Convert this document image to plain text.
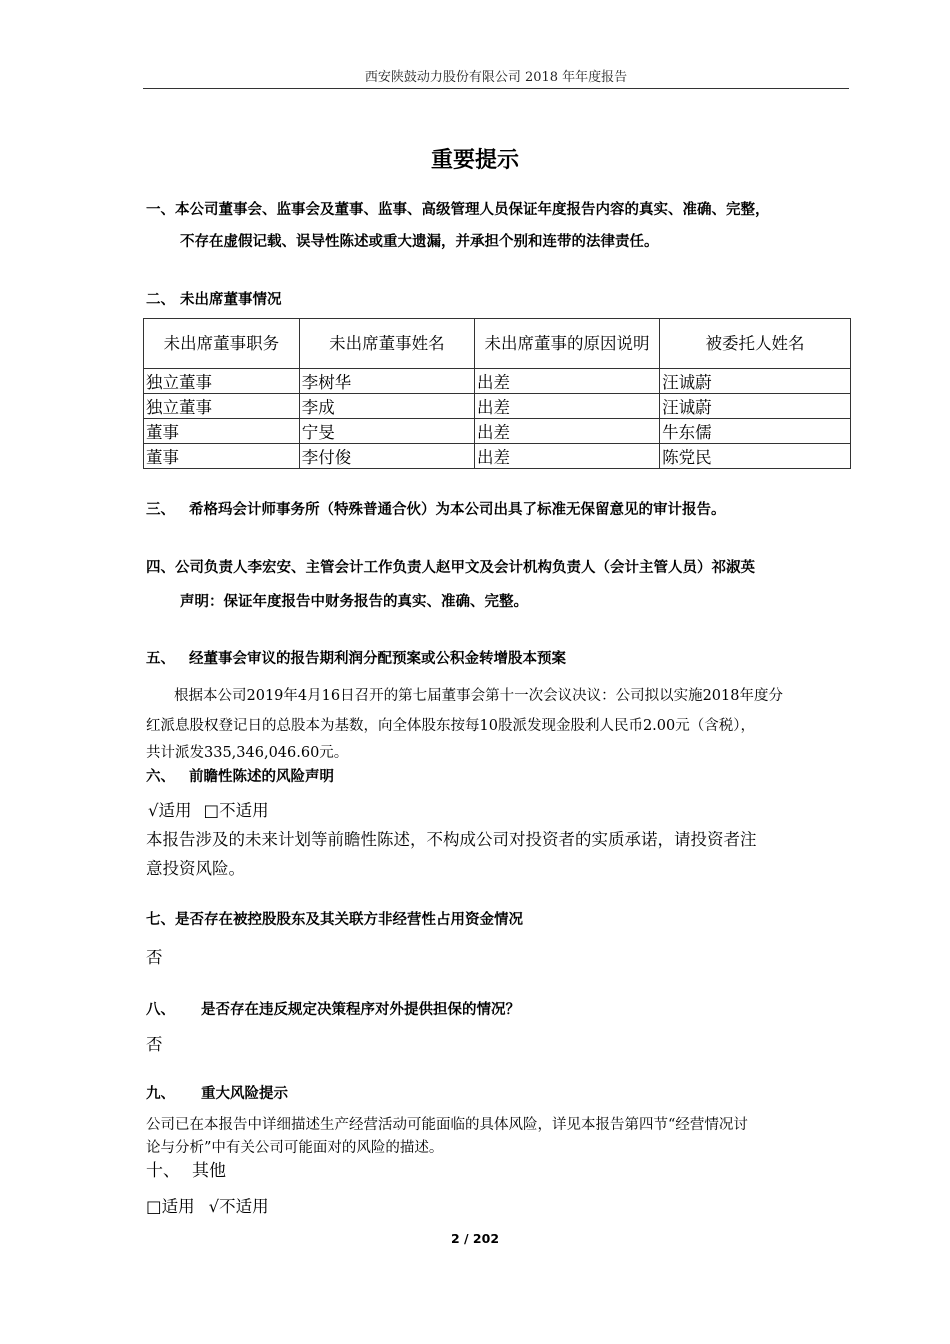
西安陕鼓动力股份有限公司 2018 年年度报告
重要提示
一、本公司董事会、监事会及董事、监事、高级管理人员保证年度报告内容的真实、准确、完整，
不存在虚假记载、误导性陈述或重大遗漏，并承担个别和连带的法律责任。
二、 未出席董事情况
未出席董事职务	未出席董事姓名	未出席董事的原因说明	被委托人姓名
独立董事	李树华	出差	汪诚蔚
独立董事	李成	出差	汪诚蔚
董事	宁旻	出差	牛东儒
董事	李付俊	出差	陈党民
三、 希格玛会计师事务所（特殊普通合伙）为本公司出具了标准无保留意见的审计报告。
四、公司负责人李宏安、主管会计工作负责人赵甲文及会计机构负责人（会计主管人员）祁淑英
声明：保证年度报告中财务报告的真实、准确、完整。
五、 经董事会审议的报告期利润分配预案或公积金转增股本预案
根据本公司2019年4月16日召开的第七届董事会第十一次会议决议：公司拟以实施2018年度分
红派息股权登记日的总股本为基数，向全体股东按每10股派发现金股利人民币2.00元（含税），
共计派发335,346,046.60元。
六、 前瞻性陈述的风险声明
√适用 □不适用
本报告涉及的未来计划等前瞻性陈述，不构成公司对投资者的实质承诺，请投资者注
意投资风险。
七、是否存在被控股股东及其关联方非经营性占用资金情况
否
八、 是否存在违反规定决策程序对外提供担保的情况？
否
九、 重大风险提示
公司已在本报告中详细描述生产经营活动可能面临的具体风险，详见本报告第四节“经营情况讨
论与分析”中有关公司可能面对的风险的描述。
十、 其他
□适用 √不适用
2 / 202
